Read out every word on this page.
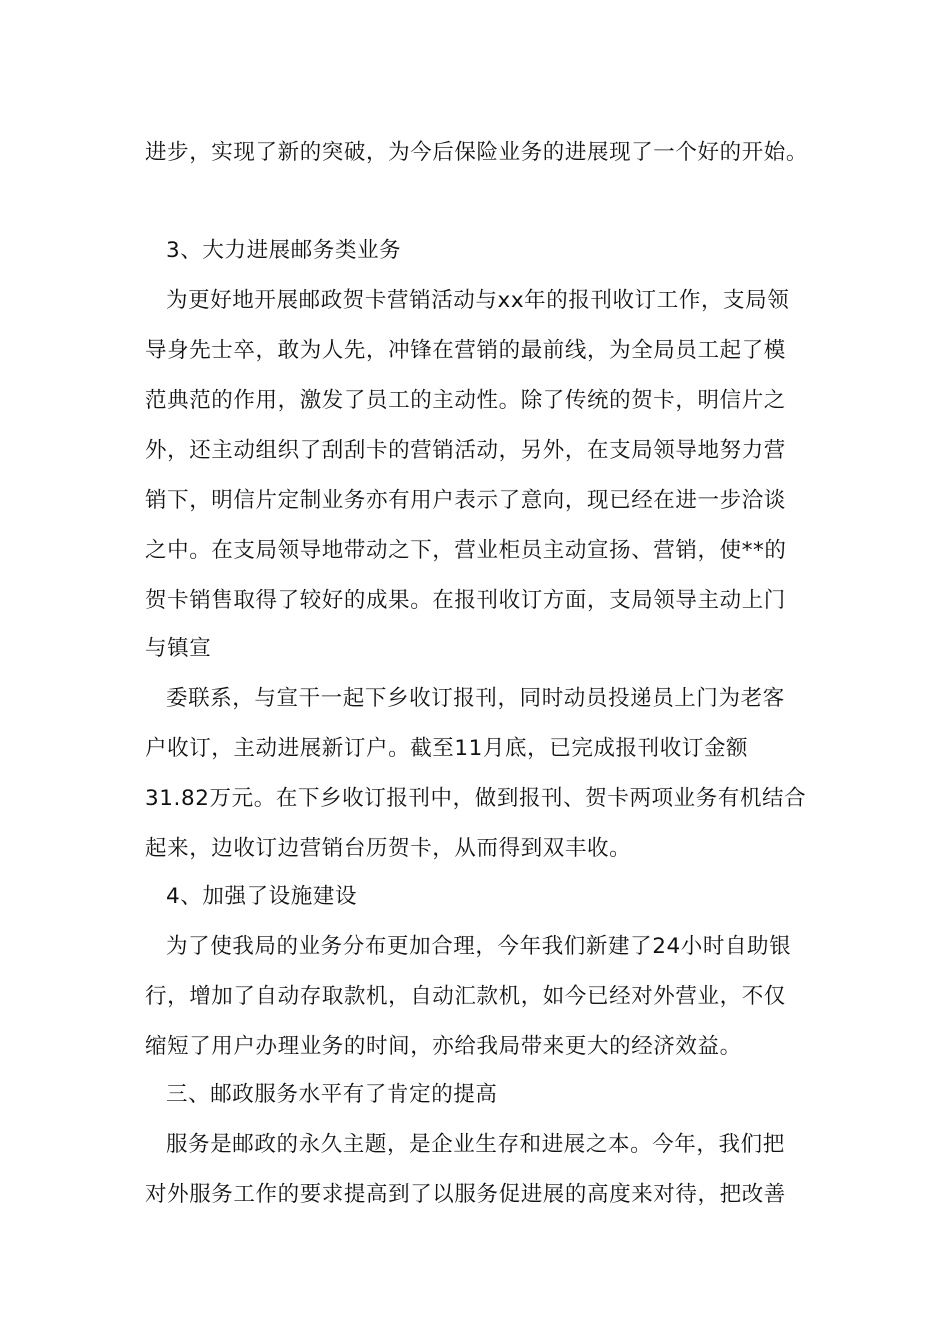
进步，实现了新的突破，为今后保险业务的进展现了一个好的开始。
3、大力进展邮务类业务
为更好地开展邮政贺卡营销活动与xx年的报刊收订工作，支局领
导身先士卒，敢为人先，冲锋在营销的最前线，为全局员工起了模
范典范的作用，激发了员工的主动性。除了传统的贺卡，明信片之
外，还主动组织了刮刮卡的营销活动，另外，在支局领导地努力营
销下，明信片定制业务亦有用户表示了意向，现已经在进一步洽谈
之中。在支局领导地带动之下，营业柜员主动宣扬、营销，使**的
贺卡销售取得了较好的成果。在报刊收订方面，支局领导主动上门
与镇宣
委联系，与宣干一起下乡收订报刊，同时动员投递员上门为老客
户收订，主动进展新订户。截至11月底，已完成报刊收订金额
31.82万元。在下乡收订报刊中，做到报刊、贺卡两项业务有机结合
起来，边收订边营销台历贺卡，从而得到双丰收。
4、加强了设施建设
为了使我局的业务分布更加合理，今年我们新建了24小时自助银
行，增加了自动存取款机，自动汇款机，如今已经对外营业，不仅
缩短了用户办理业务的时间，亦给我局带来更大的经济效益。
三、邮政服务水平有了肯定的提高
服务是邮政的永久主题，是企业生存和进展之本。今年，我们把
对外服务工作的要求提高到了以服务促进展的高度来对待，把改善
